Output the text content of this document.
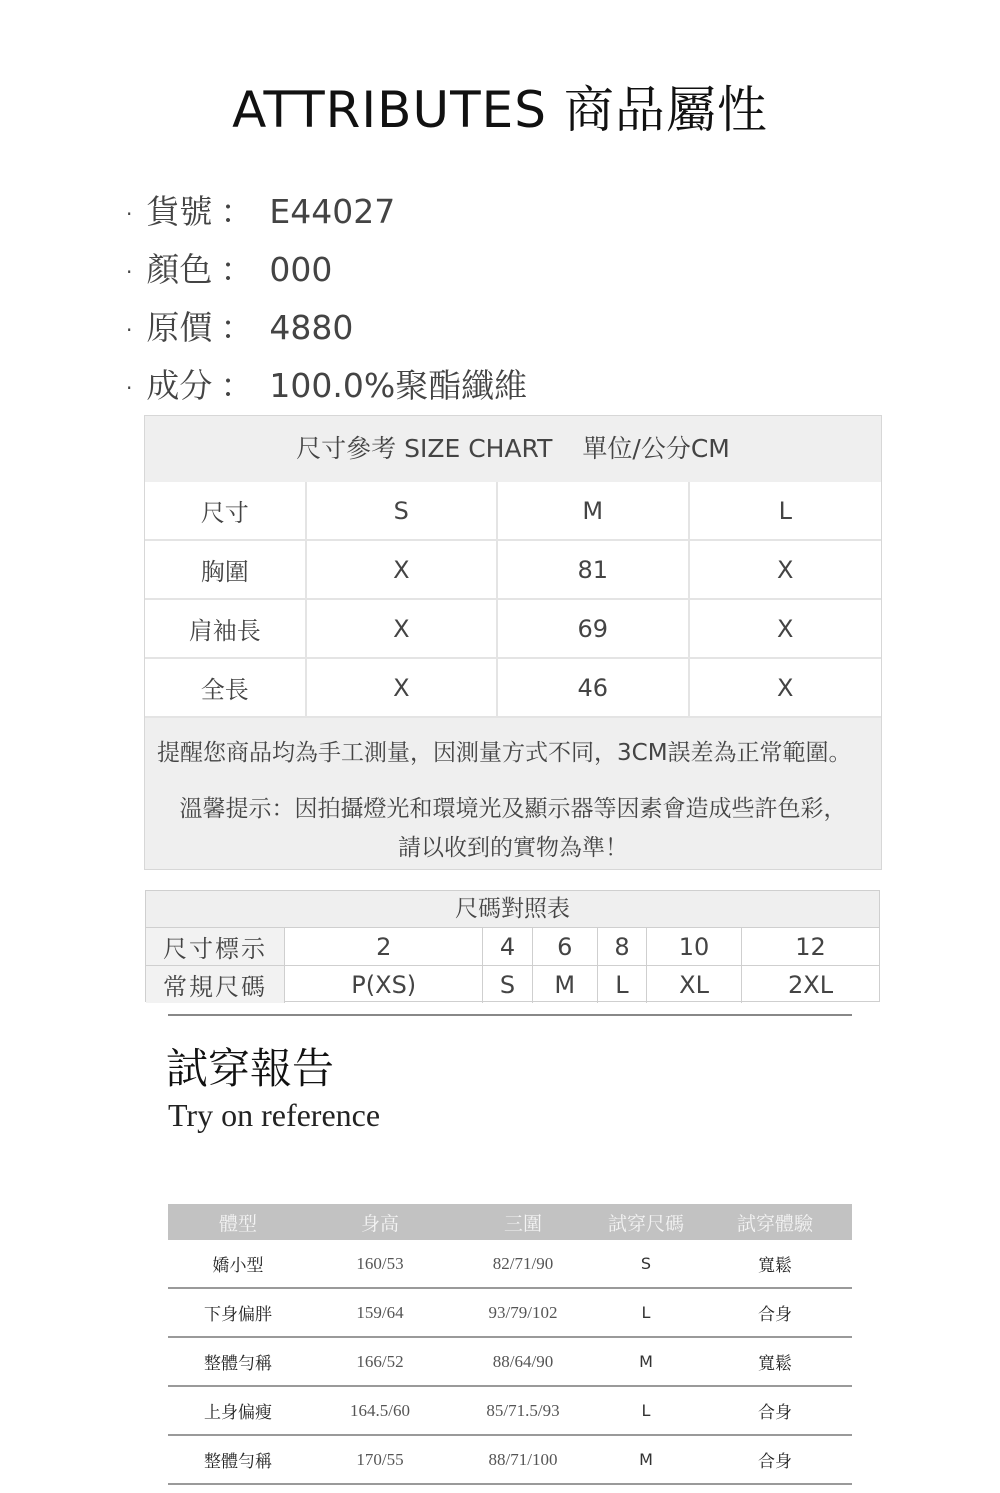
ATTRIBUTES 商品屬性
· 貨號 ： E44027
· 顏色 ： 000
· 原價 ： 4880
· 成分 ： 100.0%聚酯纖維
尺寸參考 SIZE CHART 單位/公分CM
尺寸	S	M	L
胸圍	X	81	X
肩袖長	X	69	X
全長	X	46	X
提醒您商品均為手工測量，因測量方式不同，3CM誤差為正常範圍。
溫馨提示：因拍攝燈光和環境光及顯示器等因素會造成些許色彩，
請以收到的實物為準！
尺碼對照表
尺寸標示	2	4	6	8	10	12
常規尺碼	P(XS)	S	M	L	XL	2XL
試穿報告
Try on reference
體型	身高	三圍	試穿尺碼	試穿體驗
嬌小型	160/53	82/71/90	S	寬鬆
下身偏胖	159/64	93/79/102	L	合身
整體勻稱	166/52	88/64/90	M	寬鬆
上身偏瘦	164.5/60	85/71.5/93	L	合身
整體勻稱	170/55	88/71/100	M	合身
